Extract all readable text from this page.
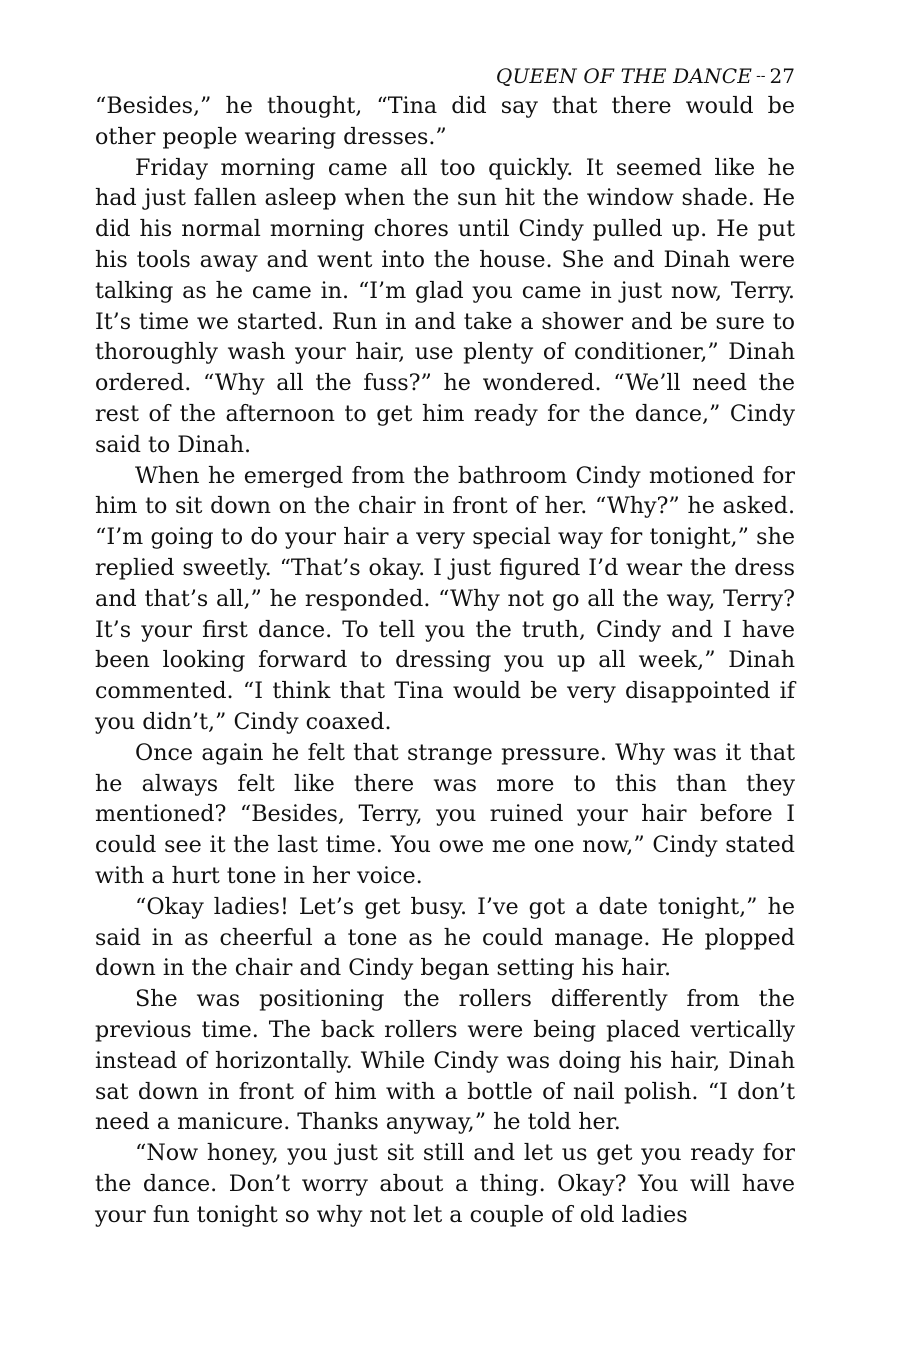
QUEEN OF THE DANCE -- 27

“Besides,” he thought, “Tina did say that there would be other people wearing dresses.”

Friday morning came all too quickly. It seemed like he had just fallen asleep when the sun hit the window shade. He did his normal morning chores until Cindy pulled up. He put his tools away and went into the house. She and Dinah were talking as he came in. “I’m glad you came in just now, Terry. It’s time we started. Run in and take a shower and be sure to thoroughly wash your hair, use plenty of conditioner,” Dinah ordered. “Why all the fuss?” he wondered. “We’ll need the rest of the afternoon to get him ready for the dance,” Cindy said to Dinah.

When he emerged from the bathroom Cindy motioned for him to sit down on the chair in front of her. “Why?” he asked. “I’m going to do your hair a very special way for tonight,” she replied sweetly. “That’s okay. I just figured I’d wear the dress and that’s all,” he responded. “Why not go all the way, Terry? It’s your first dance. To tell you the truth, Cindy and I have been looking forward to dressing you up all week,” Dinah commented. “I think that Tina would be very disappointed if you didn’t,” Cindy coaxed.

Once again he felt that strange pressure. Why was it that he always felt like there was more to this than they mentioned? “Besides, Terry, you ruined your hair before I could see it the last time. You owe me one now,” Cindy stated with a hurt tone in her voice.

“Okay ladies! Let’s get busy. I’ve got a date tonight,” he said in as cheerful a tone as he could manage. He plopped down in the chair and Cindy began setting his hair.

She was positioning the rollers differently from the previous time. The back rollers were being placed vertically instead of horizontally. While Cindy was doing his hair, Dinah sat down in front of him with a bottle of nail polish. “I don’t need a manicure. Thanks anyway,” he told her.

“Now honey, you just sit still and let us get you ready for the dance. Don’t worry about a thing. Okay? You will have your fun tonight so why not let a couple of old ladies
